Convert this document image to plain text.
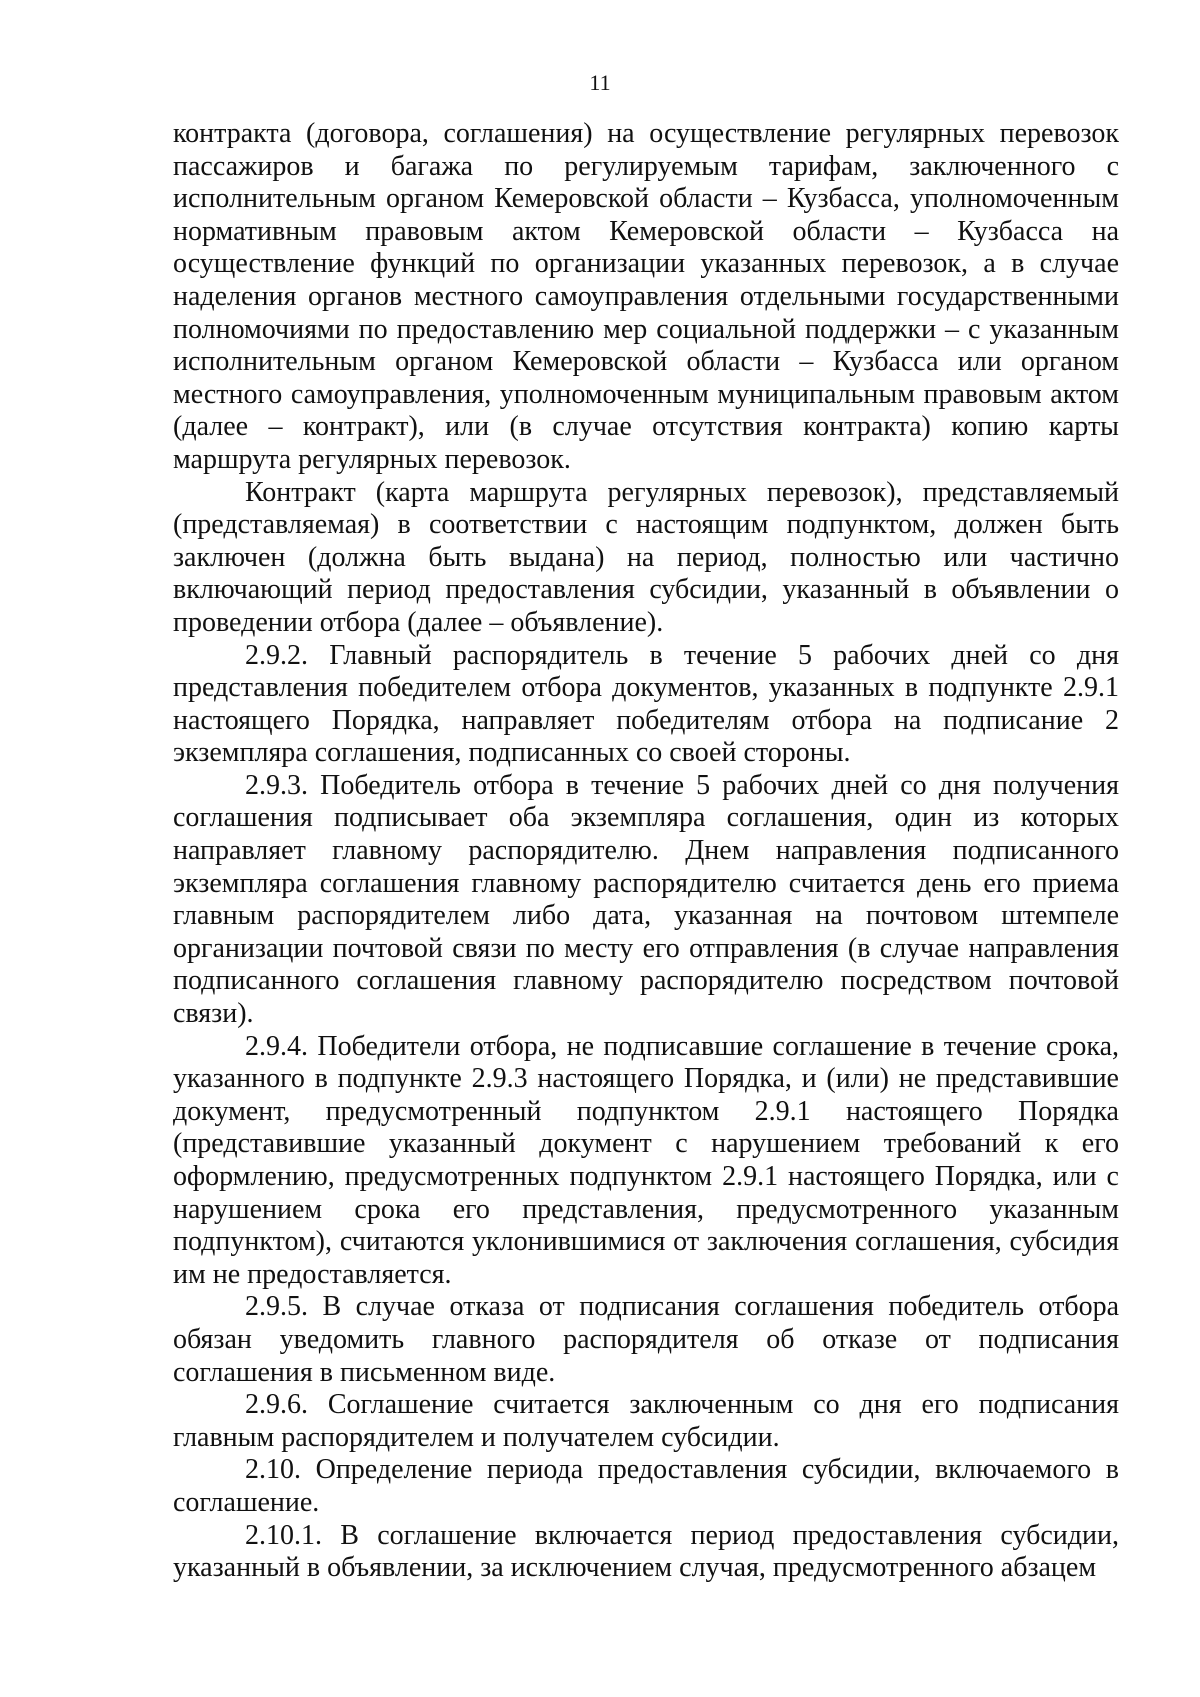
11

контракта (договора, соглашения) на осуществление регулярных перевозок пассажиров и багажа по регулируемым тарифам, заключенного с исполнительным органом Кемеровской области – Кузбасса, уполномоченным нормативным правовым актом Кемеровской области – Кузбасса на осуществление функций по организации указанных перевозок, а в случае наделения органов местного самоуправления отдельными государственными полномочиями по предоставлению мер социальной поддержки – с указанным исполнительным органом Кемеровской области – Кузбасса или органом местного самоуправления, уполномоченным муниципальным правовым актом (далее – контракт), или (в случае отсутствия контракта) копию карты маршрута регулярных перевозок.

Контракт (карта маршрута регулярных перевозок), представляемый (представляемая) в соответствии с настоящим подпунктом, должен быть заключен (должна быть выдана) на период, полностью или частично включающий период предоставления субсидии, указанный в объявлении о проведении отбора (далее – объявление).

2.9.2. Главный распорядитель в течение 5 рабочих дней со дня представления победителем отбора документов, указанных в подпункте 2.9.1 настоящего Порядка, направляет победителям отбора на подписание 2 экземпляра соглашения, подписанных со своей стороны.

2.9.3. Победитель отбора в течение 5 рабочих дней со дня получения соглашения подписывает оба экземпляра соглашения, один из которых направляет главному распорядителю. Днем направления подписанного экземпляра соглашения главному распорядителю считается день его приема главным распорядителем либо дата, указанная на почтовом штемпеле организации почтовой связи по месту его отправления (в случае направления подписанного соглашения главному распорядителю посредством почтовой связи).

2.9.4. Победители отбора, не подписавшие соглашение в течение срока, указанного в подпункте 2.9.3 настоящего Порядка, и (или) не представившие документ, предусмотренный подпунктом 2.9.1 настоящего Порядка (представившие указанный документ с нарушением требований к его оформлению, предусмотренных подпунктом 2.9.1 настоящего Порядка, или с нарушением срока его представления, предусмотренного указанным подпунктом), считаются уклонившимися от заключения соглашения, субсидия им не предоставляется.

2.9.5. В случае отказа от подписания соглашения победитель отбора обязан уведомить главного распорядителя об отказе от подписания соглашения в письменном виде.

2.9.6. Соглашение считается заключенным со дня его подписания главным распорядителем и получателем субсидии.

2.10. Определение периода предоставления субсидии, включаемого в соглашение.

2.10.1. В соглашение включается период предоставления субсидии, указанный в объявлении, за исключением случая, предусмотренного абзацем
